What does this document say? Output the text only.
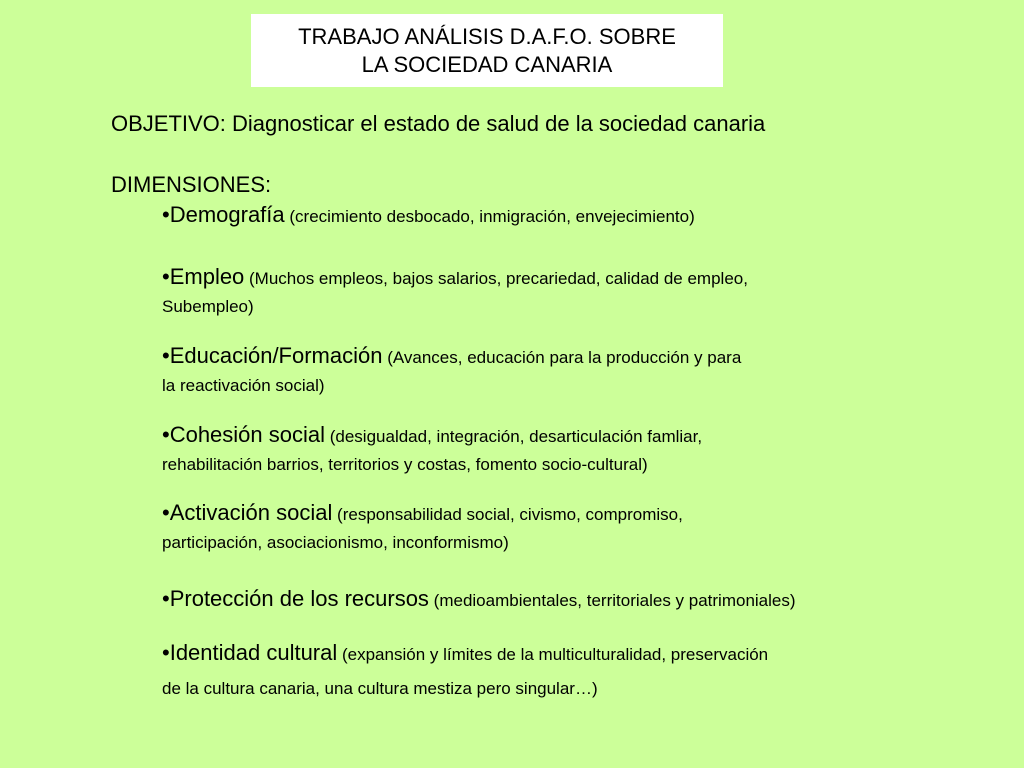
TRABAJO ANÁLISIS D.A.F.O. SOBRE
LA SOCIEDAD CANARIA
OBJETIVO: Diagnosticar el estado de salud de la sociedad canaria
DIMENSIONES:
•Demografía (crecimiento desbocado, inmigración, envejecimiento)
•Empleo (Muchos empleos, bajos salarios, precariedad, calidad de empleo,
Subempleo)
•Educación/Formación (Avances, educación para la producción y para
la reactivación social)
•Cohesión social (desigualdad, integración, desarticulación famliar,
rehabilitación barrios, territorios y costas, fomento socio-cultural)
•Activación social (responsabilidad social, civismo, compromiso,
participación, asociacionismo, inconformismo)
•Protección de los recursos (medioambientales, territoriales y patrimoniales)
•Identidad cultural (expansión y límites de la multiculturalidad, preservación
de la cultura canaria, una cultura mestiza pero singular…)
